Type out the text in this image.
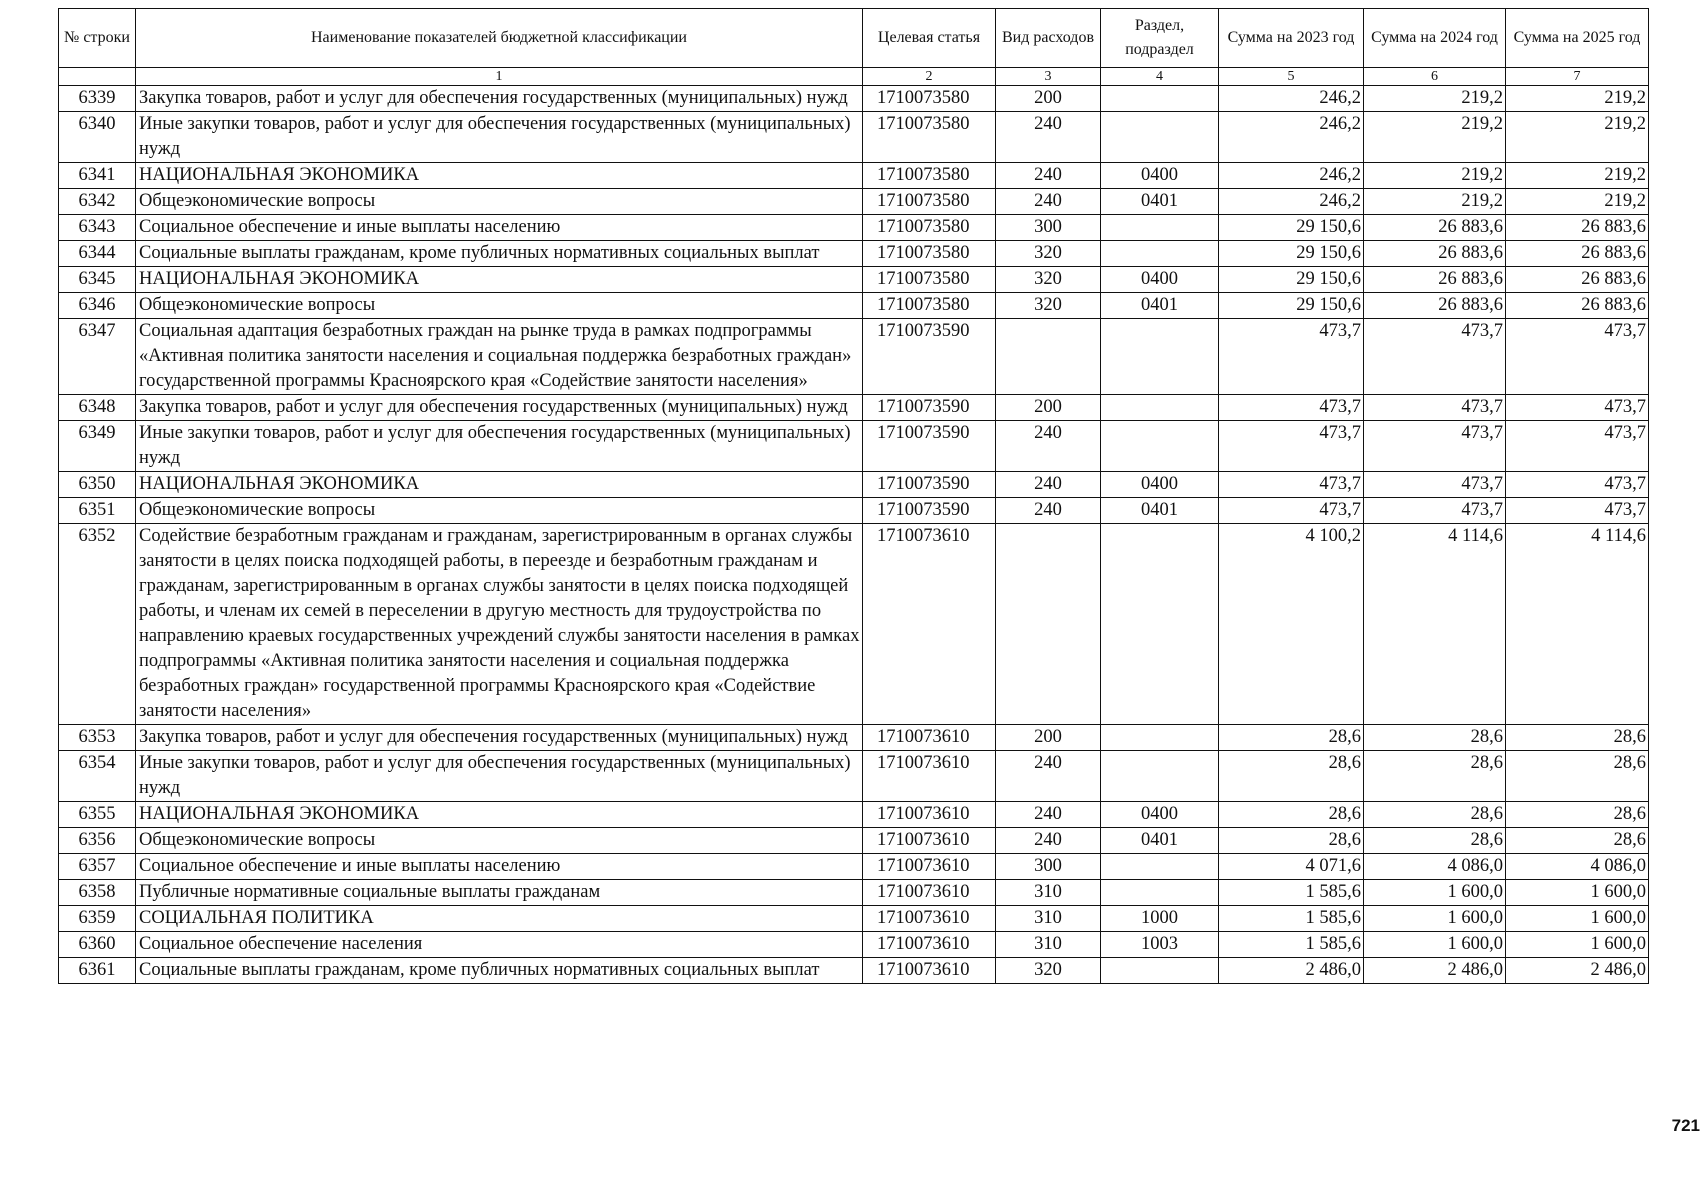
№ строки	Наименование показателей бюджетной классификации	Целевая статья	Вид расходов	Раздел, подраздел	Сумма на 2023 год	Сумма на 2024 год	Сумма на 2025 год
	1	2	3	4	5	6	7
6339	Закупка товаров, работ и услуг для обеспечения государственных (муниципальных) нужд	1710073580	200		246,2	219,2	219,2
6340	Иные закупки товаров, работ и услуг для обеспечения государственных (муниципальных) нужд	1710073580	240		246,2	219,2	219,2
6341	НАЦИОНАЛЬНАЯ ЭКОНОМИКА	1710073580	240	0400	246,2	219,2	219,2
6342	Общеэкономические вопросы	1710073580	240	0401	246,2	219,2	219,2
6343	Социальное обеспечение и иные выплаты населению	1710073580	300		29 150,6	26 883,6	26 883,6
6344	Социальные выплаты гражданам, кроме публичных нормативных социальных выплат	1710073580	320		29 150,6	26 883,6	26 883,6
6345	НАЦИОНАЛЬНАЯ ЭКОНОМИКА	1710073580	320	0400	29 150,6	26 883,6	26 883,6
6346	Общеэкономические вопросы	1710073580	320	0401	29 150,6	26 883,6	26 883,6
6347	Социальная адаптация безработных граждан на рынке труда в рамках подпрограммы «Активная политика занятости населения и социальная поддержка безработных граждан» государственной программы Красноярского края «Содействие занятости населения»	1710073590			473,7	473,7	473,7
6348	Закупка товаров, работ и услуг для обеспечения государственных (муниципальных) нужд	1710073590	200		473,7	473,7	473,7
6349	Иные закупки товаров, работ и услуг для обеспечения государственных (муниципальных) нужд	1710073590	240		473,7	473,7	473,7
6350	НАЦИОНАЛЬНАЯ ЭКОНОМИКА	1710073590	240	0400	473,7	473,7	473,7
6351	Общеэкономические вопросы	1710073590	240	0401	473,7	473,7	473,7
6352	Содействие безработным гражданам и гражданам, зарегистрированным в органах службы занятости в целях поиска подходящей работы, в переезде и безработным гражданам и гражданам, зарегистрированным в органах службы занятости в целях поиска подходящей работы, и членам их семей в переселении в другую местность для трудоустройства по направлению краевых государственных учреждений службы занятости населения в рамках подпрограммы «Активная политика занятости населения и социальная поддержка безработных граждан» государственной программы Красноярского края «Содействие занятости населения»	1710073610			4 100,2	4 114,6	4 114,6
6353	Закупка товаров, работ и услуг для обеспечения государственных (муниципальных) нужд	1710073610	200		28,6	28,6	28,6
6354	Иные закупки товаров, работ и услуг для обеспечения государственных (муниципальных) нужд	1710073610	240		28,6	28,6	28,6
6355	НАЦИОНАЛЬНАЯ ЭКОНОМИКА	1710073610	240	0400	28,6	28,6	28,6
6356	Общеэкономические вопросы	1710073610	240	0401	28,6	28,6	28,6
6357	Социальное обеспечение и иные выплаты населению	1710073610	300		4 071,6	4 086,0	4 086,0
6358	Публичные нормативные социальные выплаты гражданам	1710073610	310		1 585,6	1 600,0	1 600,0
6359	СОЦИАЛЬНАЯ ПОЛИТИКА	1710073610	310	1000	1 585,6	1 600,0	1 600,0
6360	Социальное обеспечение населения	1710073610	310	1003	1 585,6	1 600,0	1 600,0
6361	Социальные выплаты гражданам, кроме публичных нормативных социальных выплат	1710073610	320		2 486,0	2 486,0	2 486,0
721
